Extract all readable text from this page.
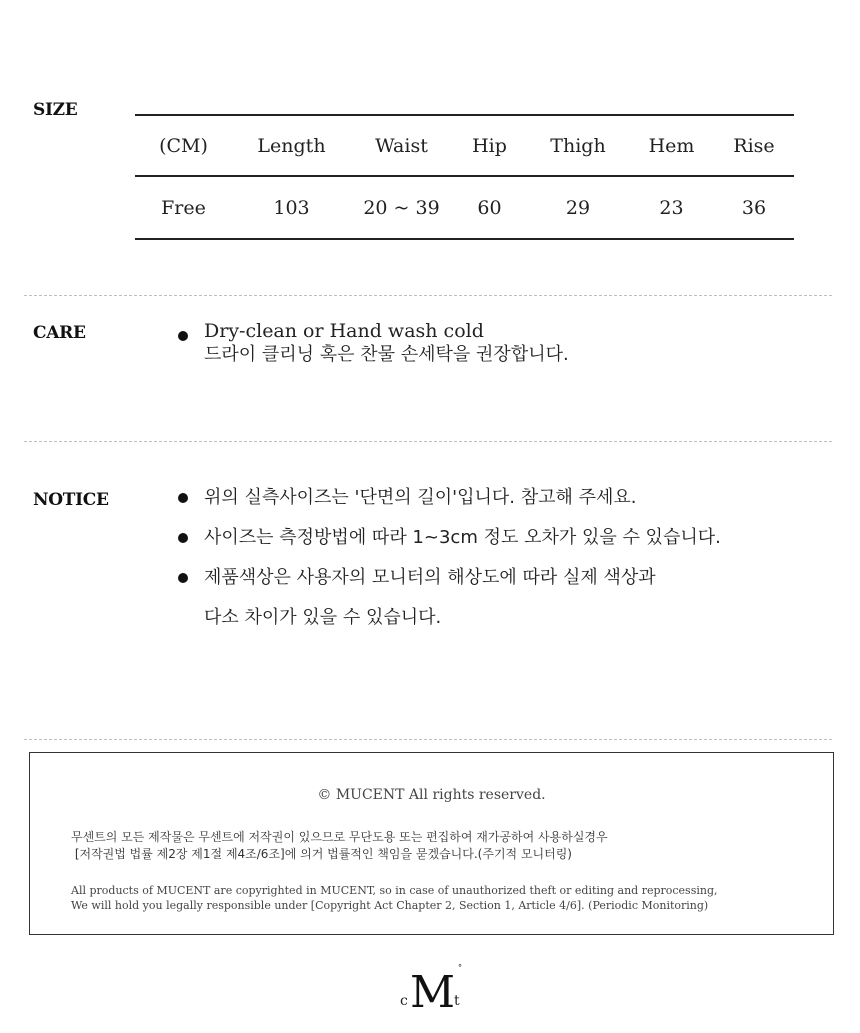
SIZE
(CM)	Length	Waist	Hip	Thigh	Hem	Rise
Free	103	20 ~ 39	60	29	23	36
CARE	Dry-clean or Hand wash cold
드라이 클리닝 혹은 찬물 손세탁을 권장합니다.
NOTICE	위의 실측사이즈는 '단면의 길이'입니다. 참고해 주세요.
사이즈는 측정방법에 따라 1~3cm 정도 오차가 있을 수 있습니다.
제품색상은 사용자의 모니터의 해상도에 따라 실제 색상과
다소 차이가 있을 수 있습니다.
© MUCENT All rights reserved.
무센트의 모든 제작물은 무센트에 저작권이 있으므로 무단도용 또는 편집하여 재가공하여 사용하실경우
[저작권법 법률 제2장 제1절 제4조/6조]에 의거 법률적인 책임을 묻겠습니다.(주기적 모니터링)
All products of MUCENT are copyrighted in MUCENT, so in case of unauthorized theft or editing and reprocessing,
We will hold you legally responsible under [Copyright Act Chapter 2, Section 1, Article 4/6]. (Periodic Monitoring)
c M
t
°
